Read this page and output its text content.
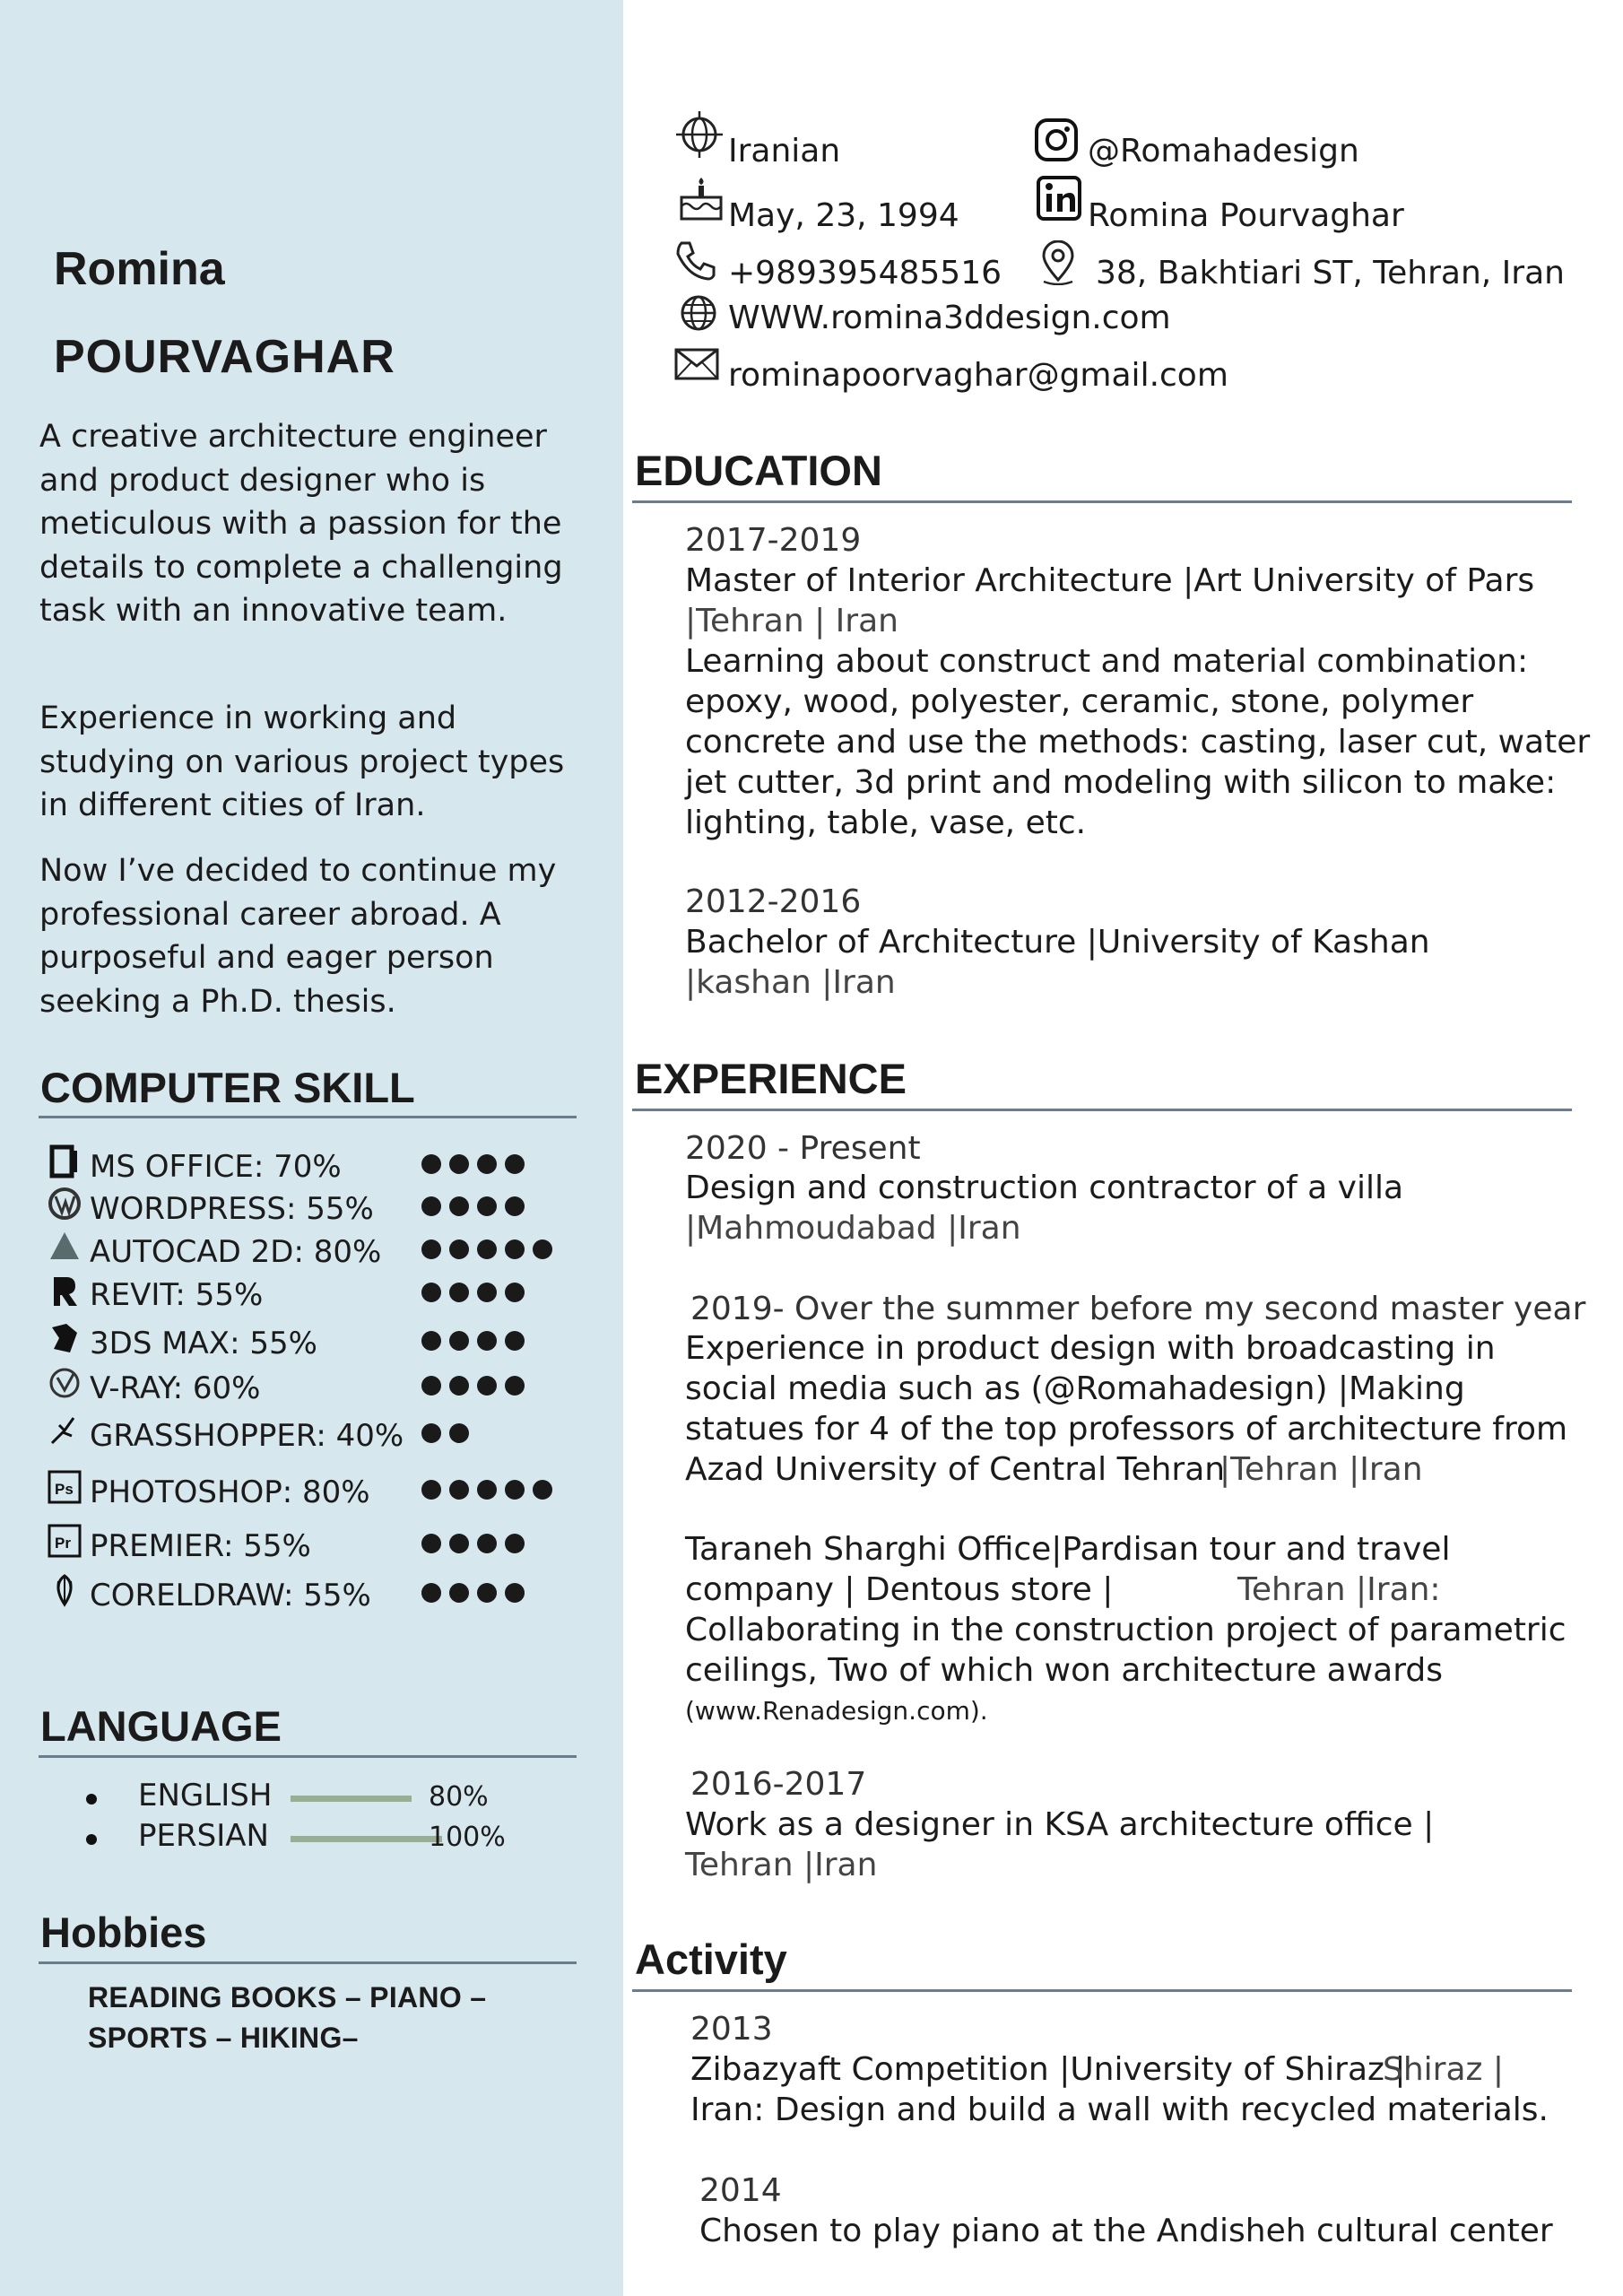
Romina
POURVAGHAR
A creative architecture engineer and product designer who is meticulous with a passion for the details to complete a challenging task with an innovative team.
Experience in working and studying on various project types in different cities of Iran.
Now I’ve decided to continue my professional career abroad. A purposeful and eager person seeking a Ph.D. thesis.
COMPUTER SKILL
MS OFFICE: 70%
WORDPRESS: 55%
AUTOCAD 2D: 80%
REVIT: 55%
3DS MAX: 55%
V-RAY: 60%
GRASSHOPPER: 40%
Ps PHOTOSHOP: 80%
Pr PREMIER: 55%
CORELDRAW: 55%
LANGUAGE
ENGLISH	80%
PERSIAN	100%
Hobbies
READING BOOKS – PIANO – SPORTS – HIKING–
Iranian
May, 23, 1994
+989395485516
WWW.romina3ddesign.com
rominapoorvaghar@gmail.com
@Romahadesign
Romina Pourvaghar
38, Bakhtiari ST, Tehran, Iran
EDUCATION
2017-2019
Master of Interior Architecture |Art University of Pars
|Tehran | Iran
Learning about construct and material combination: epoxy, wood, polyester, ceramic, stone, polymer concrete and use the methods: casting, laser cut, water jet cutter, 3d print and modeling with silicon to make: lighting, table, vase, etc.
2012-2016
Bachelor of Architecture |University of Kashan
|kashan |Iran
EXPERIENCE
2020 - Present
Design and construction contractor of a villa
|Mahmoudabad |Iran
2019- Over the summer before my second master year
Experience in product design with broadcasting in social media such as (@Romahadesign) |Making statues for 4 of the top professors of architecture from Azad University of Central Tehran
|Tehran |Iran
Taraneh Sharghi Office|Pardisan tour and travel company | Dentous store |	Tehran |Iran:
Collaborating in the construction project of parametric ceilings, Two of which won architecture awards
(www.Renadesign.com).
2016-2017
Work as a designer in KSA architecture office |
Tehran |Iran
Activity
2013
Zibazyaft Competition |University of Shiraz |
Shiraz |
Iran: Design and build a wall with recycled materials.
2014
Chosen to play piano at the Andisheh cultural center
